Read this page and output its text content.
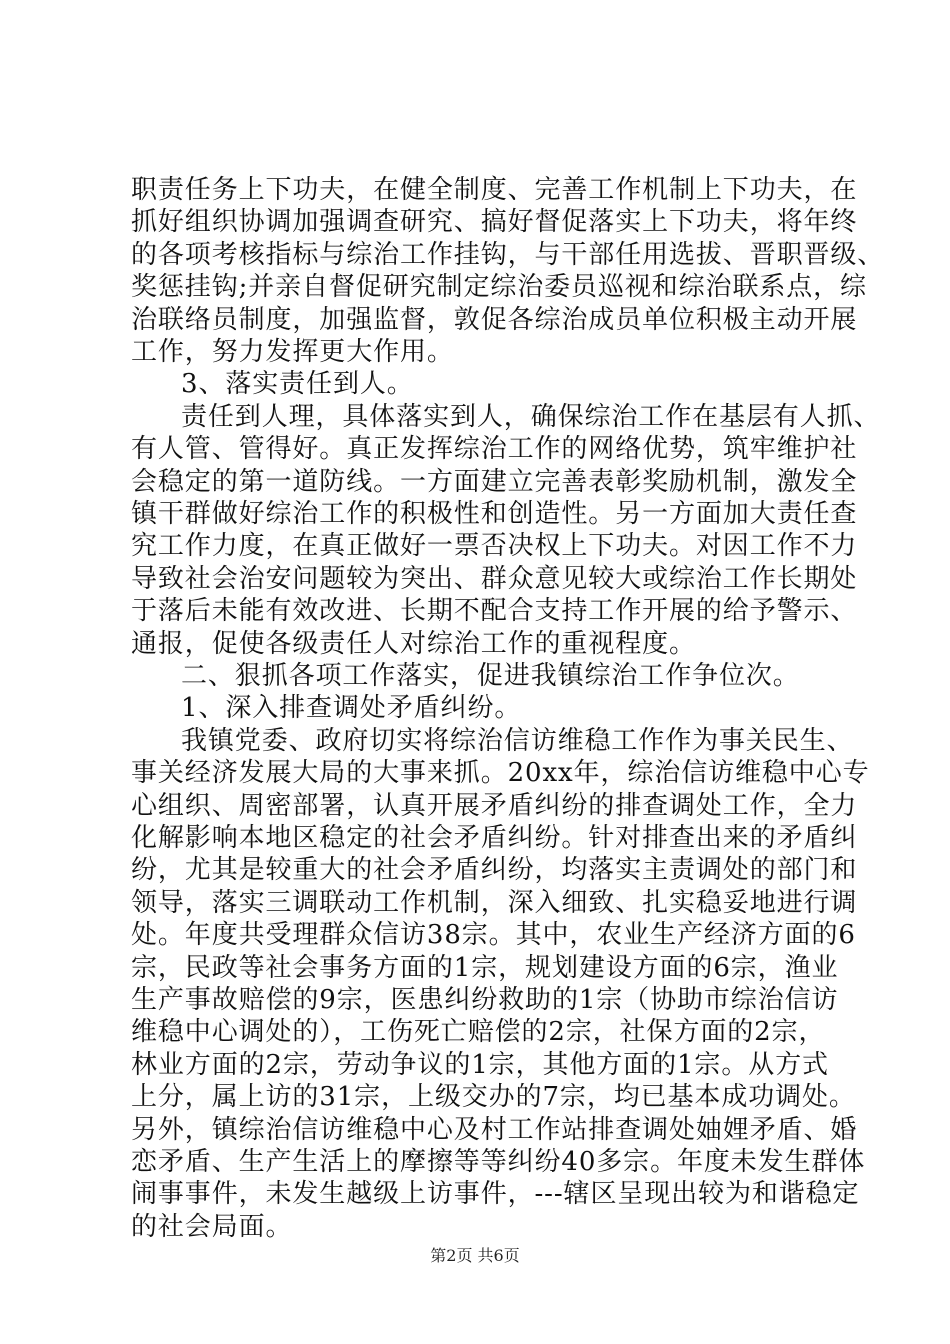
职责任务上下功夫，在健全制度、完善工作机制上下功夫，在
抓好组织协调加强调查研究、搞好督促落实上下功夫，将年终
的各项考核指标与综治工作挂钩，与干部任用选拔、晋职晋级、
奖惩挂钩;并亲自督促研究制定综治委员巡视和综治联系点，综
治联络员制度，加强监督，敦促各综治成员单位积极主动开展
工作，努力发挥更大作用。
3、落实责任到人。
责任到人理，具体落实到人，确保综治工作在基层有人抓、
有人管、管得好。真正发挥综治工作的网络优势，筑牢维护社
会稳定的第一道防线。一方面建立完善表彰奖励机制，激发全
镇干群做好综治工作的积极性和创造性。另一方面加大责任查
究工作力度，在真正做好一票否决权上下功夫。对因工作不力
导致社会治安问题较为突出、群众意见较大或综治工作长期处
于落后未能有效改进、长期不配合支持工作开展的给予警示、
通报，促使各级责任人对综治工作的重视程度。
二、狠抓各项工作落实，促进我镇综治工作争位次。
1、深入排查调处矛盾纠纷。
我镇党委、政府切实将综治信访维稳工作作为事关民生、
事关经济发展大局的大事来抓。20xx年，综治信访维稳中心专
心组织、周密部署，认真开展矛盾纠纷的排查调处工作，全力
化解影响本地区稳定的社会矛盾纠纷。针对排查出来的矛盾纠
纷，尤其是较重大的社会矛盾纠纷，均落实主责调处的部门和
领导，落实三调联动工作机制，深入细致、扎实稳妥地进行调
处。年度共受理群众信访38宗。其中，农业生产经济方面的6
宗，民政等社会事务方面的1宗，规划建设方面的6宗，渔业
生产事故赔偿的9宗，医患纠纷救助的1宗（协助市综治信访
维稳中心调处的），工伤死亡赔偿的2宗，社保方面的2宗，
林业方面的2宗，劳动争议的1宗，其他方面的1宗。从方式
上分，属上访的31宗，上级交办的7宗，均已基本成功调处。
另外，镇综治信访维稳中心及村工作站排查调处妯娌矛盾、婚
恋矛盾、生产生活上的摩擦等等纠纷40多宗。年度未发生群体
闹事事件，未发生越级上访事件，---辖区呈现出较为和谐稳定
的社会局面。
第2页 共6页
